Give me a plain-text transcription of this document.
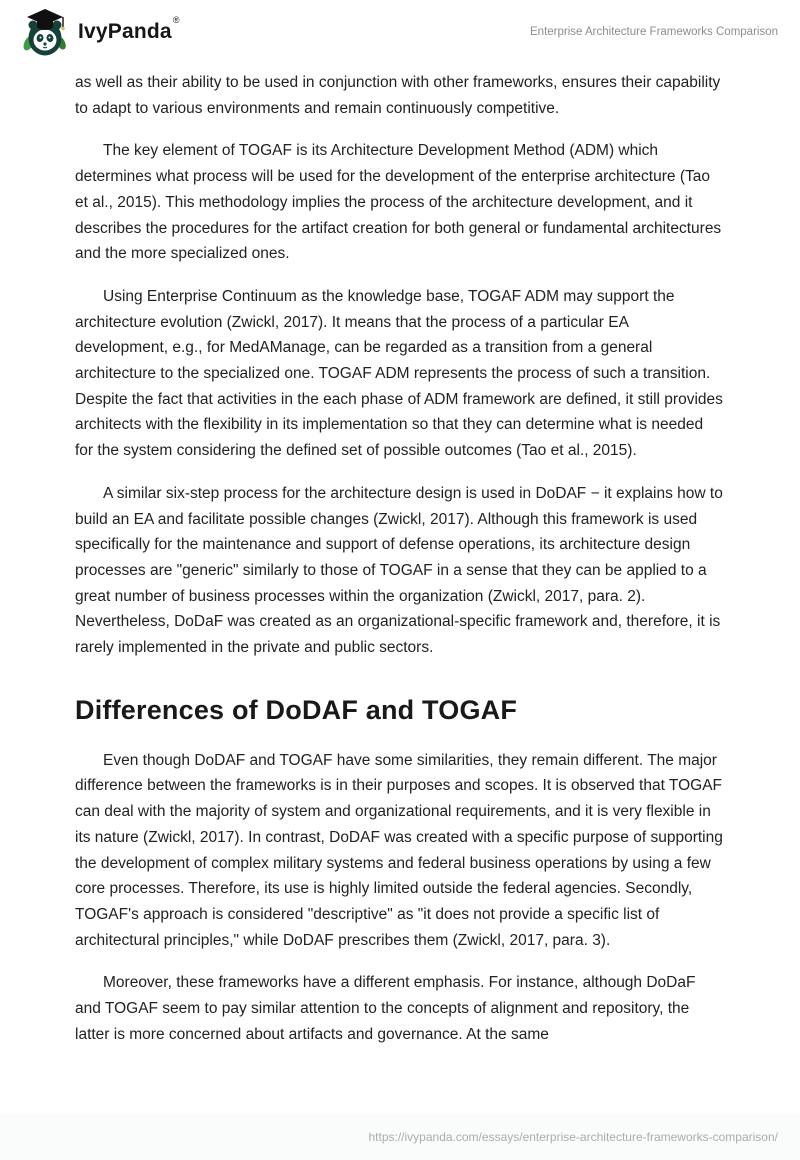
IvyPanda®
Enterprise Architecture Frameworks Comparison

as well as their ability to be used in conjunction with other frameworks, ensures their capability to adapt to various environments and remain continuously competitive.

The key element of TOGAF is its Architecture Development Method (ADM) which determines what process will be used for the development of the enterprise architecture (Tao et al., 2015). This methodology implies the process of the architecture development, and it describes the procedures for the artifact creation for both general or fundamental architectures and the more specialized ones.

Using Enterprise Continuum as the knowledge base, TOGAF ADM may support the architecture evolution (Zwickl, 2017). It means that the process of a particular EA development, e.g., for MedAManage, can be regarded as a transition from a general architecture to the specialized one. TOGAF ADM represents the process of such a transition. Despite the fact that activities in the each phase of ADM framework are defined, it still provides architects with the flexibility in its implementation so that they can determine what is needed for the system considering the defined set of possible outcomes (Tao et al., 2015).

A similar six-step process for the architecture design is used in DoDAF − it explains how to build an EA and facilitate possible changes (Zwickl, 2017). Although this framework is used specifically for the maintenance and support of defense operations, its architecture design processes are "generic" similarly to those of TOGAF in a sense that they can be applied to a great number of business processes within the organization (Zwickl, 2017, para. 2). Nevertheless, DoDaF was created as an organizational-specific framework and, therefore, it is rarely implemented in the private and public sectors.

Differences of DoDAF and TOGAF

Even though DoDAF and TOGAF have some similarities, they remain different. The major difference between the frameworks is in their purposes and scopes. It is observed that TOGAF can deal with the majority of system and organizational requirements, and it is very flexible in its nature (Zwickl, 2017). In contrast, DoDAF was created with a specific purpose of supporting the development of complex military systems and federal business operations by using a few core processes. Therefore, its use is highly limited outside the federal agencies. Secondly, TOGAF's approach is considered "descriptive" as "it does not provide a specific list of architectural principles," while DoDAF prescribes them (Zwickl, 2017, para. 3).

Moreover, these frameworks have a different emphasis. For instance, although DoDaF and TOGAF seem to pay similar attention to the concepts of alignment and repository, the latter is more concerned about artifacts and governance. At the same

https://ivypanda.com/essays/enterprise-architecture-frameworks-comparison/
